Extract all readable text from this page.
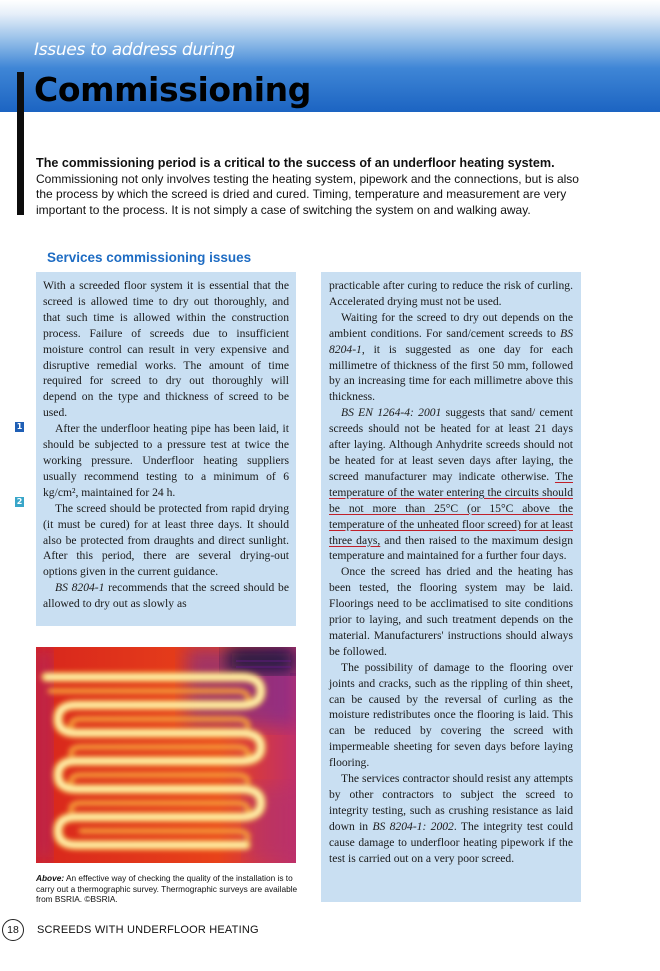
Issues to address during
Commissioning

The commissioning period is a critical to the success of an underfloor heating system. Commissioning not only involves testing the heating system, pipework and the connections, but is also the process by which the screed is dried and cured. Timing, temperature and measurement are very important to the process. It is not simply a case of switching the system on and walking away.

Services commissioning issues

With a screeded floor system it is essential that the screed is allowed time to dry out thoroughly, and that such time is allowed within the construction process. Failure of screeds due to insufficient moisture control can result in very expensive and disruptive remedial works. The amount of time required for screed to dry out thoroughly will depend on the type and thickness of screed to be used.

After the underfloor heating pipe has been laid, it should be subjected to a pressure test at twice the working pressure. Underfloor heating suppliers usually recommend testing to a minimum of 6 kg/cm², maintained for 24 h.

The screed should be protected from rapid drying (it must be cured) for at least three days. It should also be protected from draughts and direct sunlight. After this period, there are several drying-out options given in the current guidance.

BS 8204-1 recommends that the screed should be allowed to dry out as slowly as

1
2

practicable after curing to reduce the risk of curling. Accelerated drying must not be used.

Waiting for the screed to dry out depends on the ambient conditions. For sand/cement screeds to BS 8204-1, it is suggested as one day for each millimetre of thickness of the first 50 mm, followed by an increasing time for each millimetre above this thickness.

BS EN 1264-4: 2001 suggests that sand/ cement screeds should not be heated for at least 21 days after laying. Although Anhydrite screeds should not be heated for at least seven days after laying, the screed manufacturer may indicate otherwise. The temperature of the water entering the circuits should be not more than 25°C (or 15°C above the temperature of the unheated floor screed) for at least three days, and then raised to the maximum design temperature and maintained for a further four days.

Once the screed has dried and the heating has been tested, the flooring system may be laid. Floorings need to be acclimatised to site conditions prior to laying, and such treatment depends on the material. Manufacturers' instructions should always be followed.

The possibility of damage to the flooring over joints and cracks, such as the rippling of thin sheet, can be caused by the reversal of curling as the moisture redistributes once the flooring is laid. This can be reduced by covering the screed with impermeable sheeting for seven days before laying flooring.

The services contractor should resist any attempts by other contractors to subject the screed to integrity testing, such as crushing resistance as laid down in BS 8204-1: 2002. The integrity test could cause damage to underfloor heating pipework if the test is carried out on a very poor screed.

Above: An effective way of checking the quality of the installation is to carry out a thermographic survey. Thermographic surveys are available from BSRIA. ©BSRIA.
18	SCREEDS WITH UNDERFLOOR HEATING
